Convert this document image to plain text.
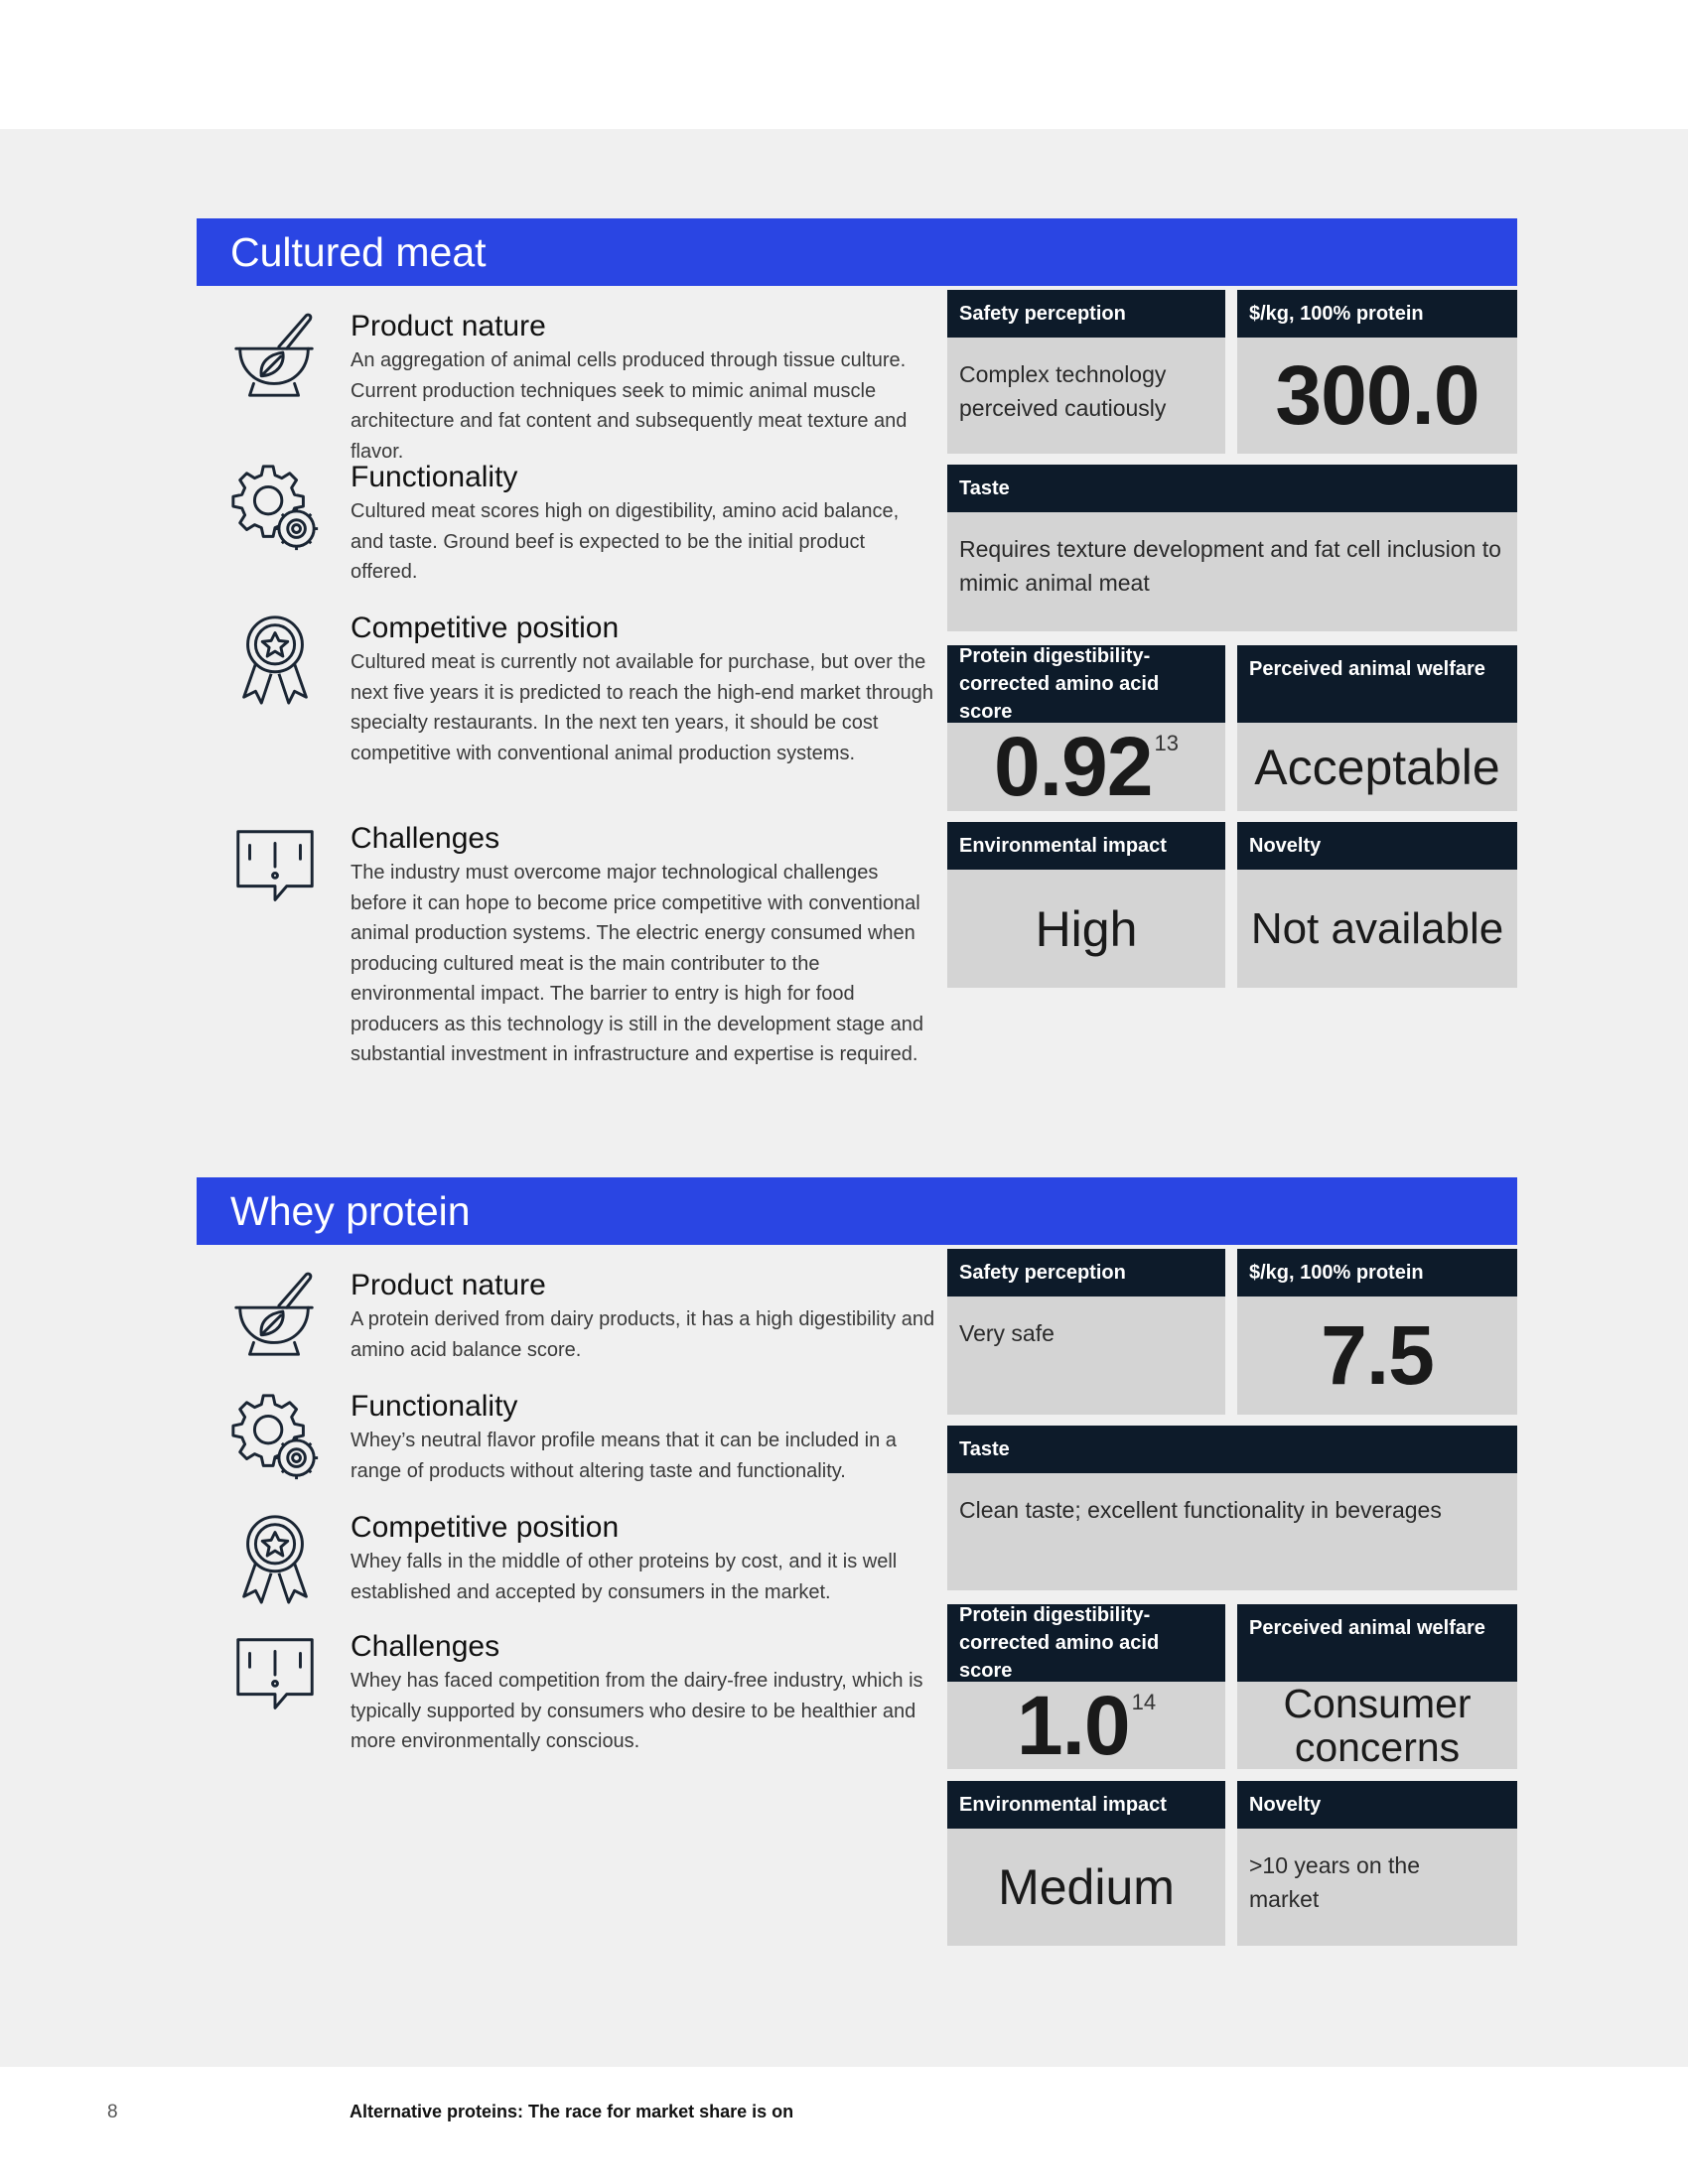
Cultured meat
Product nature

An aggregation of animal cells produced through tissue culture. Current production techniques seek to mimic animal muscle architecture and fat content and subsequently meat texture and flavor.

Functionality

Cultured meat scores high on digestibility, amino acid balance, and taste. Ground beef is expected to be the initial product offered.

Competitive position

Cultured meat is currently not available for purchase, but over the next five years it is predicted to reach the high-end market through specialty restaurants. In the next ten years, it should be cost competitive with conventional animal production systems.

Challenges

The industry must overcome major technological challenges before it can hope to become price competitive with conventional animal production systems. The electric energy consumed when producing cultured meat is the main contributer to the environmental impact. The barrier to entry is high for food producers as this technology is still in the development stage and substantial investment in infrastructure and expertise is required.

Safety perception
Complex technology perceived cautiously
$/kg, 100% protein
300.0
Taste
Requires texture development and fat cell inclusion to mimic animal meat
Protein digestibility-corrected amino acid score
0.92 13
Perceived animal welfare
Acceptable
Environmental impact
High
Novelty
Not available
Whey protein
Product nature

A protein derived from dairy products, it has a high digestibility and amino acid balance score.

Functionality

Whey’s neutral flavor profile means that it can be included in a range of products without altering taste and functionality.

Competitive position

Whey falls in the middle of other proteins by cost, and it is well established and accepted by consumers in the market.

Challenges

Whey has faced competition from the dairy-free industry, which is typically supported by consumers who desire to be healthier and more environmentally conscious.

Safety perception
Very safe
$/kg, 100% protein
7.5
Taste
Clean taste; excellent functionality in beverages
Protein digestibility-corrected amino acid score
1.0 14
Perceived animal welfare
Consumer concerns
Environmental impact
Medium
Novelty
>10 years on the market
8	Alternative proteins: The race for market share is on
